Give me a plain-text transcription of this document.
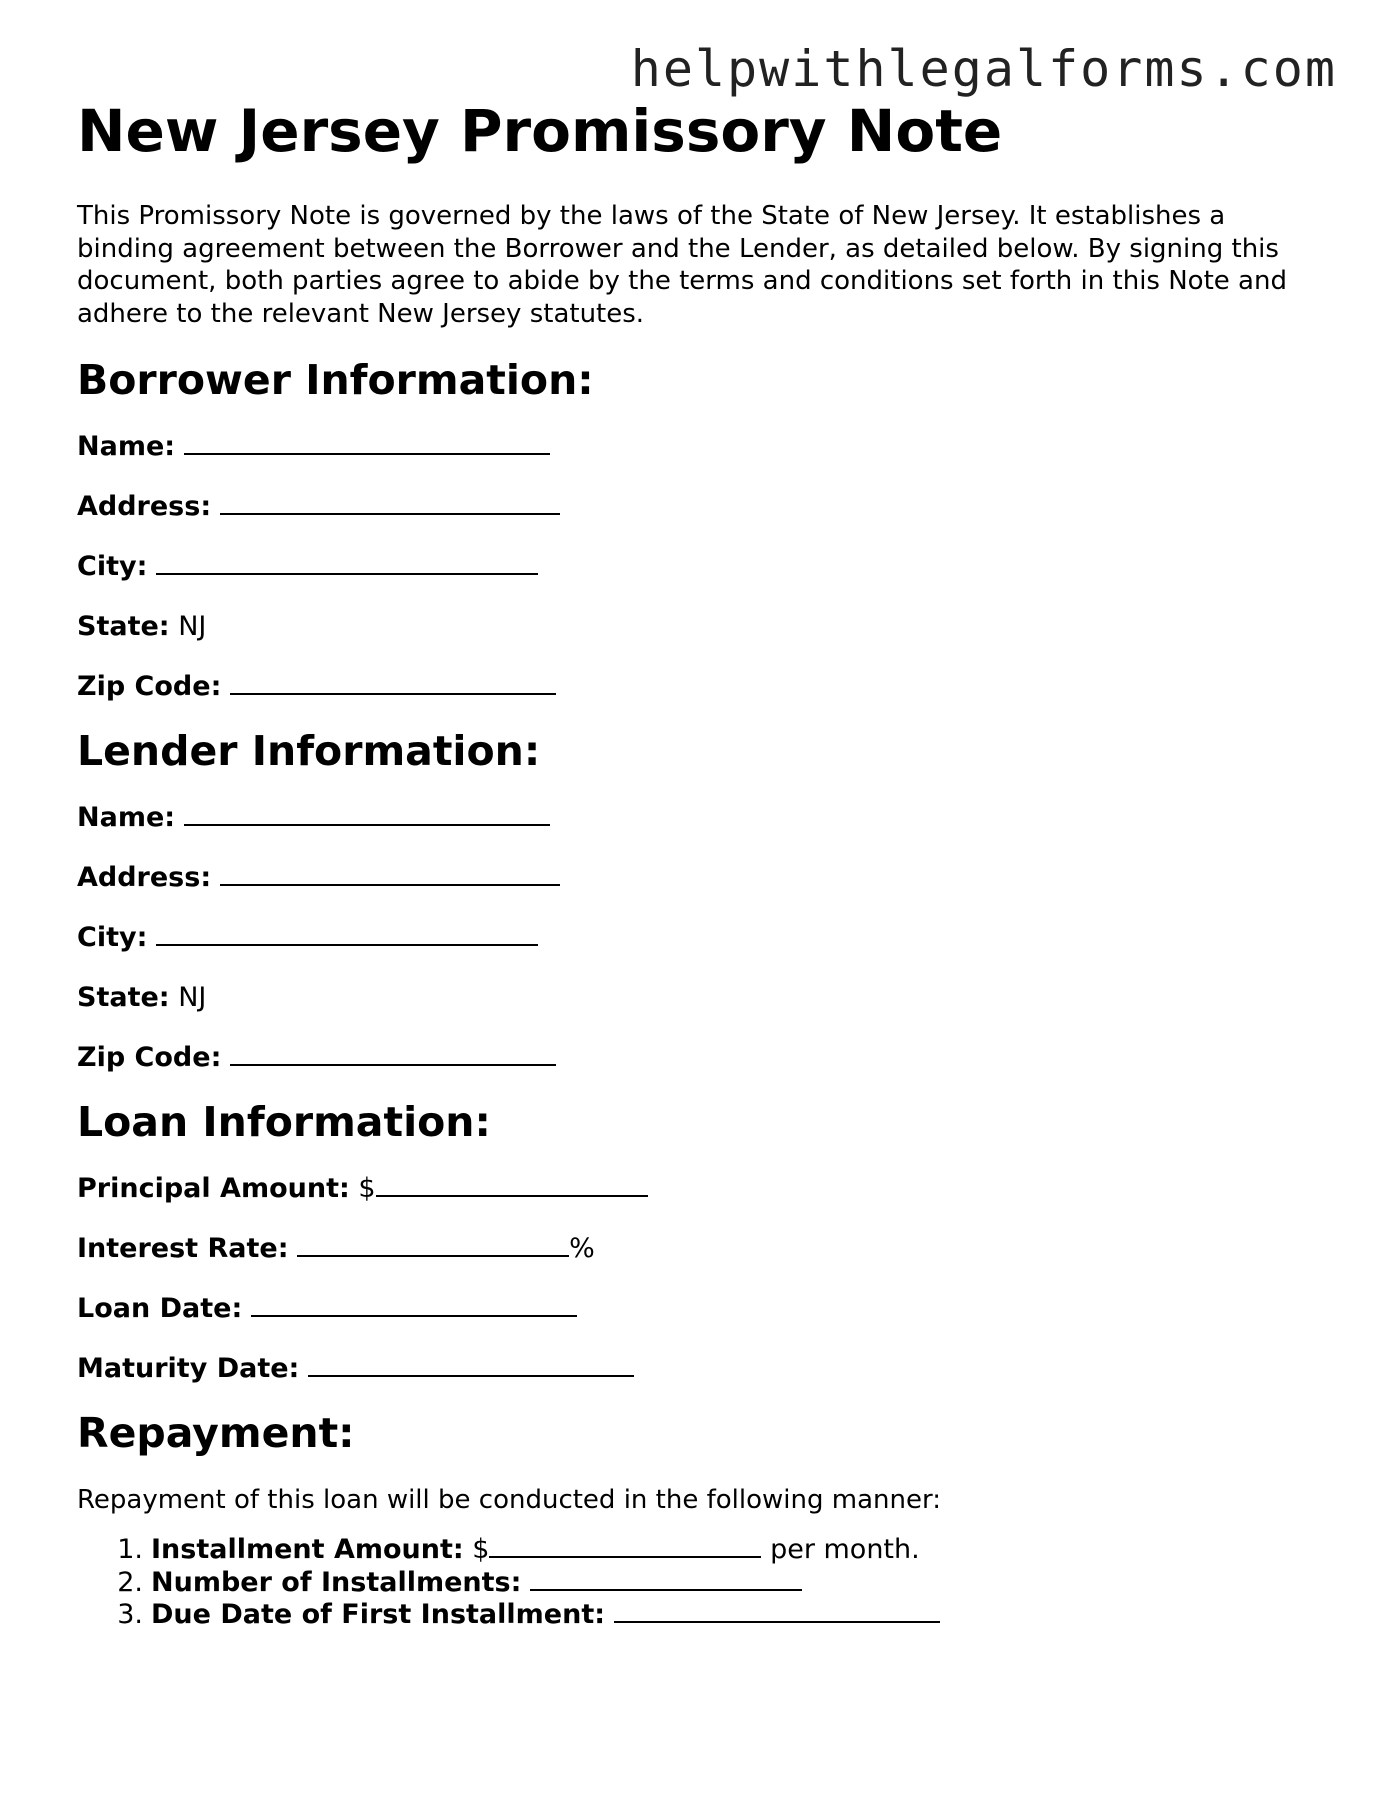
helpwithlegalforms.com
New Jersey Promissory Note

This Promissory Note is governed by the laws of the State of New Jersey. It establishes a binding agreement between the Borrower and the Lender, as detailed below. By signing this document, both parties agree to abide by the terms and conditions set forth in this Note and adhere to the relevant New Jersey statutes.

Borrower Information:
Name:
Address:
City:
State: NJ
Zip Code:
Lender Information:
Name:
Address:
City:
State: NJ
Zip Code:
Loan Information:
Principal Amount: $
Interest Rate:	%
Loan Date:
Maturity Date:
Repayment:
Repayment of this loan will be conducted in the following manner:
1. Installment Amount: $	per month.
2. Number of Installments:
3. Due Date of First Installment:
